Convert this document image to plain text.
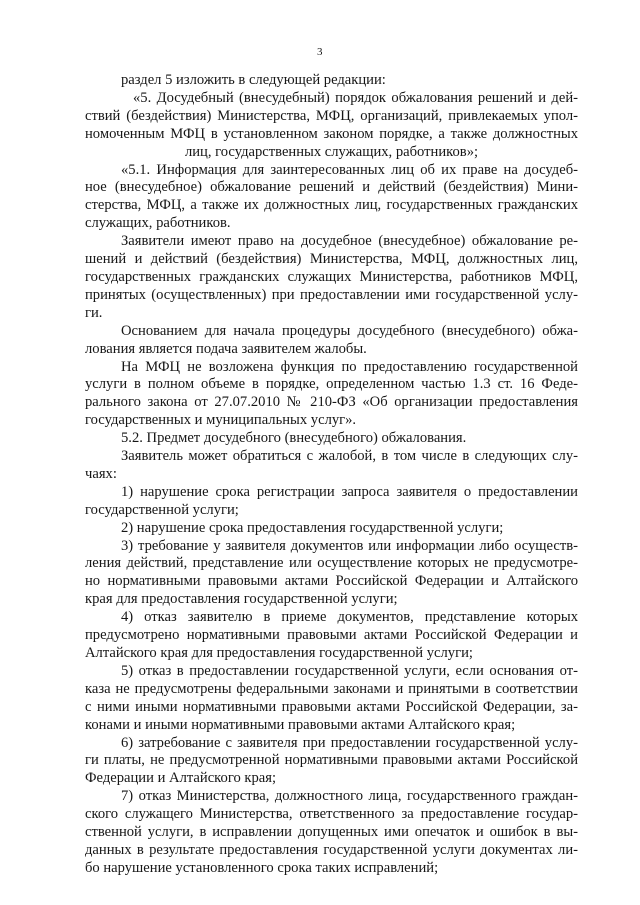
3
раздел 5 изложить в следующей редакции:
«5. Досудебный (внесудебный) порядок обжалования решений и дей-
ствий (бездействия) Министерства, МФЦ, организаций, привлекаемых упол-
номоченным МФЦ в установленном законом порядке, а также должностных
лиц, государственных служащих, работников»;
«5.1. Информация для заинтересованных лиц об их праве на досудеб-
ное (внесудебное) обжалование решений и действий (бездействия) Мини-
стерства, МФЦ, а также их должностных лиц, государственных гражданских
служащих, работников.
Заявители имеют право на досудебное (внесудебное) обжалование ре-
шений и действий (бездействия) Министерства, МФЦ, должностных лиц,
государственных гражданских служащих Министерства, работников МФЦ,
принятых (осуществленных) при предоставлении ими государственной услу-
ги.
Основанием для начала процедуры досудебного (внесудебного) обжа-
лования является подача заявителем жалобы.
На МФЦ не возложена функция по предоставлению государственной
услуги в полном объеме в порядке, определенном частью 1.3 ст. 16 Феде-
рального закона от 27.07.2010 № 210-ФЗ «Об организации предоставления
государственных и муниципальных услуг».
5.2. Предмет досудебного (внесудебного) обжалования.
Заявитель может обратиться с жалобой, в том числе в следующих слу-
чаях:
1) нарушение срока регистрации запроса заявителя о предоставлении
государственной услуги;
2) нарушение срока предоставления государственной услуги;
3) требование у заявителя документов или информации либо осуществ-
ления действий, представление или осуществление которых не предусмотре-
но нормативными правовыми актами Российской Федерации и Алтайского
края для предоставления государственной услуги;
4) отказ заявителю в приеме документов, представление которых
предусмотрено нормативными правовыми актами Российской Федерации и
Алтайского края для предоставления государственной услуги;
5) отказ в предоставлении государственной услуги, если основания от-
каза не предусмотрены федеральными законами и принятыми в соответствии
с ними иными нормативными правовыми актами Российской Федерации, за-
конами и иными нормативными правовыми актами Алтайского края;
6) затребование с заявителя при предоставлении государственной услу-
ги платы, не предусмотренной нормативными правовыми актами Российской
Федерации и Алтайского края;
7) отказ Министерства, должностного лица, государственного граждан-
ского служащего Министерства, ответственного за предоставление государ-
ственной услуги, в исправлении допущенных ими опечаток и ошибок в вы-
данных в результате предоставления государственной услуги документах ли-
бо нарушение установленного срока таких исправлений;
